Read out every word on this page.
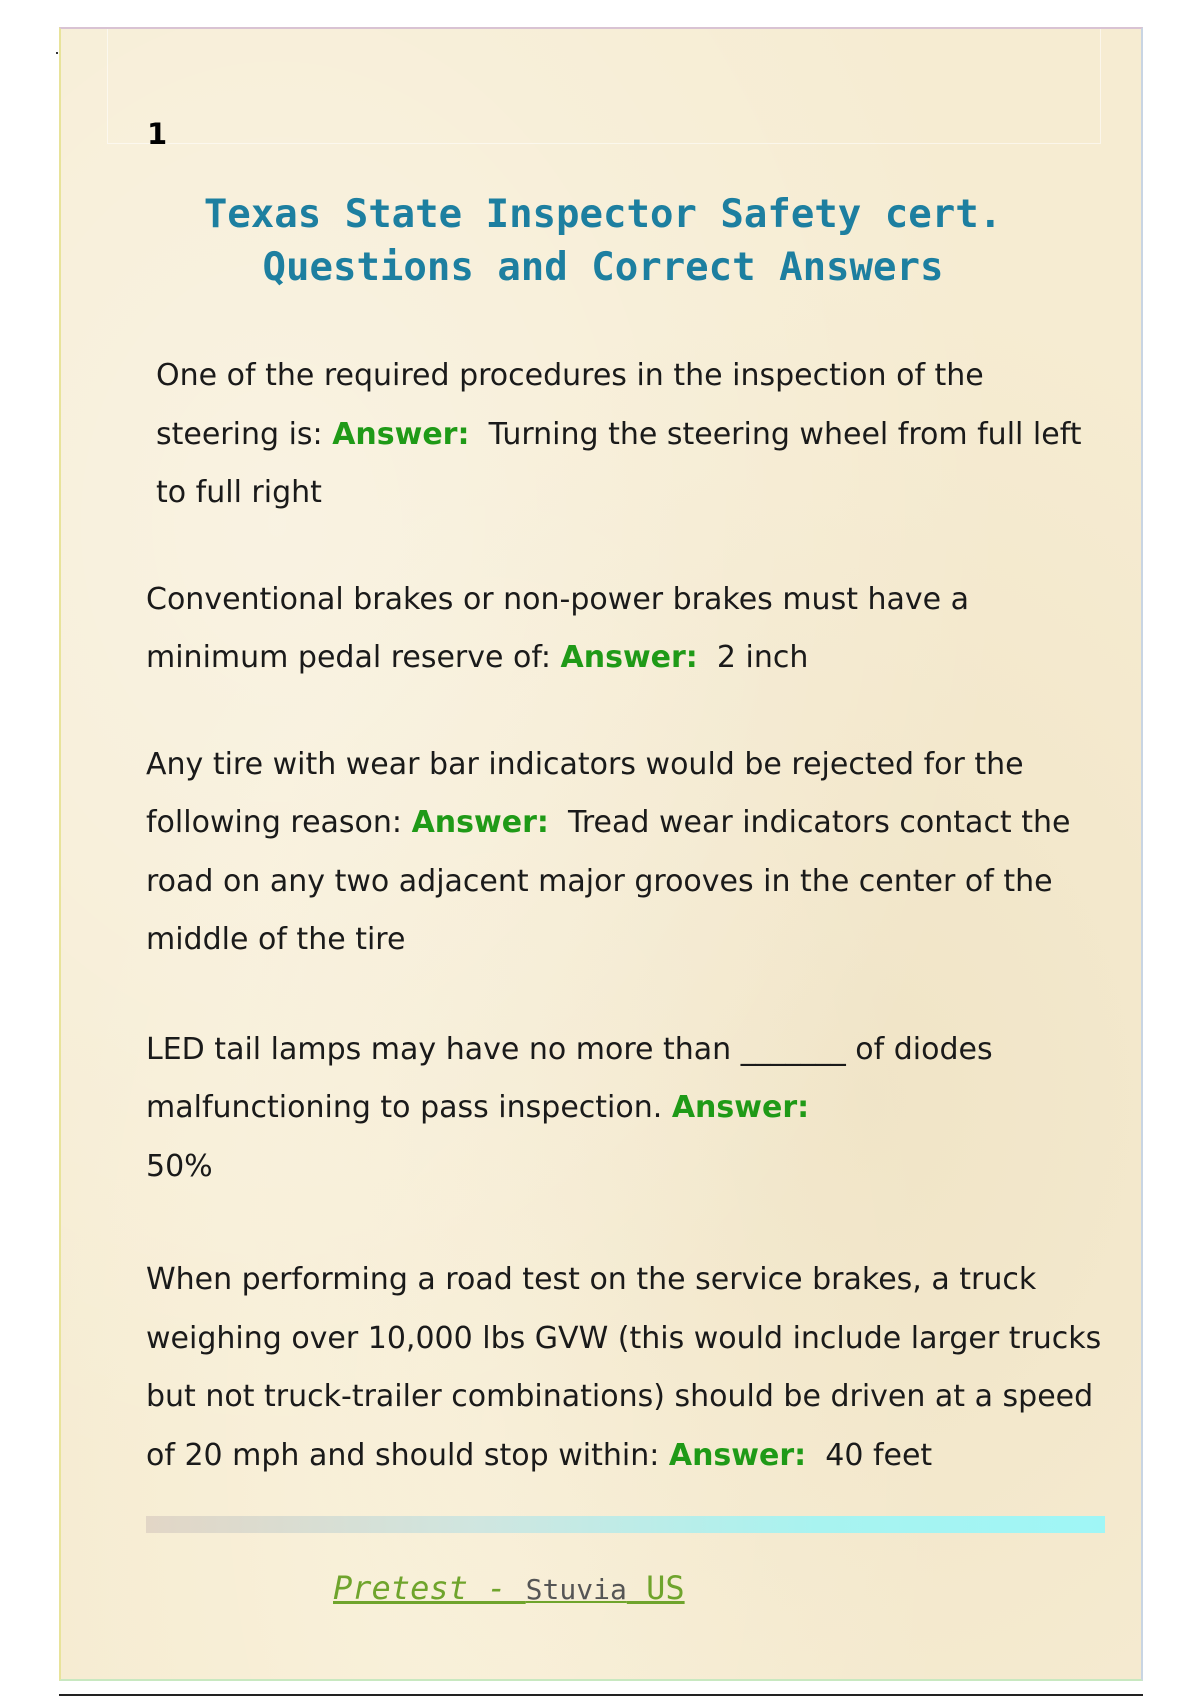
1
Texas State Inspector Safety cert.
Questions and Correct Answers

One of the required procedures in the inspection of the steering is: Answer: Turning the steering wheel from full left to full right

Conventional brakes or non-power brakes must have a minimum pedal reserve of: Answer: 2 inch

Any tire with wear bar indicators would be rejected for the following reason: Answer: Tread wear indicators contact the road on any two adjacent major grooves in the center of the middle of the tire

LED tail lamps may have no more than _______ of diodes malfunctioning to pass inspection. Answer:
50%

When performing a road test on the service brakes, a truck weighing over 10,000 lbs GVW (this would include larger trucks but not truck-trailer combinations) should be driven at a speed of 20 mph and should stop within: Answer: 40 feet

Pretest - Stuvia US
